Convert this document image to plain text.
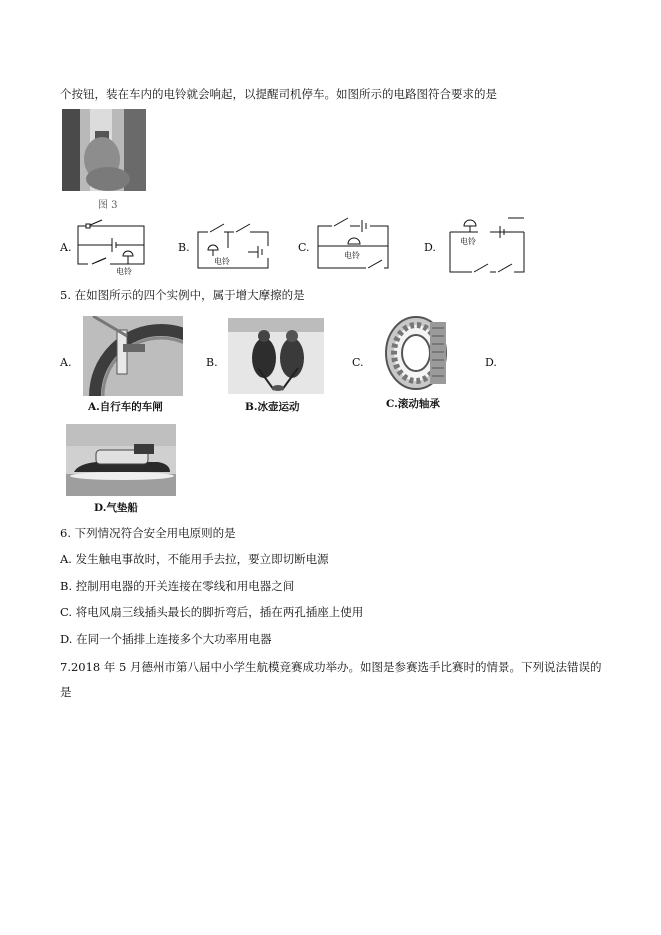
个按钮，装在车内的电铃就会响起，以提醒司机停车。如图所示的电路图符合要求的是
图 3
A.	B.	C.	D.
电铃
电铃
电铃
电铃
5. 在如图所示的四个实例中，属于增大摩擦的是
A.	B.	C.	D.
A.自行车的车闸	B.冰壶运动	C.滚动轴承
D.气垫船
6. 下列情况符合安全用电原则的是
A. 发生触电事故时，不能用手去拉，要立即切断电源
B. 控制用电器的开关连接在零线和用电器之间
C. 将电风扇三线插头最长的脚折弯后，插在两孔插座上使用
D. 在同一个插排上连接多个大功率用电器
7.2018 年 5 月德州市第八届中小学生航模竞赛成功举办。如图是参赛选手比赛时的情景。下列说法错误的
是
